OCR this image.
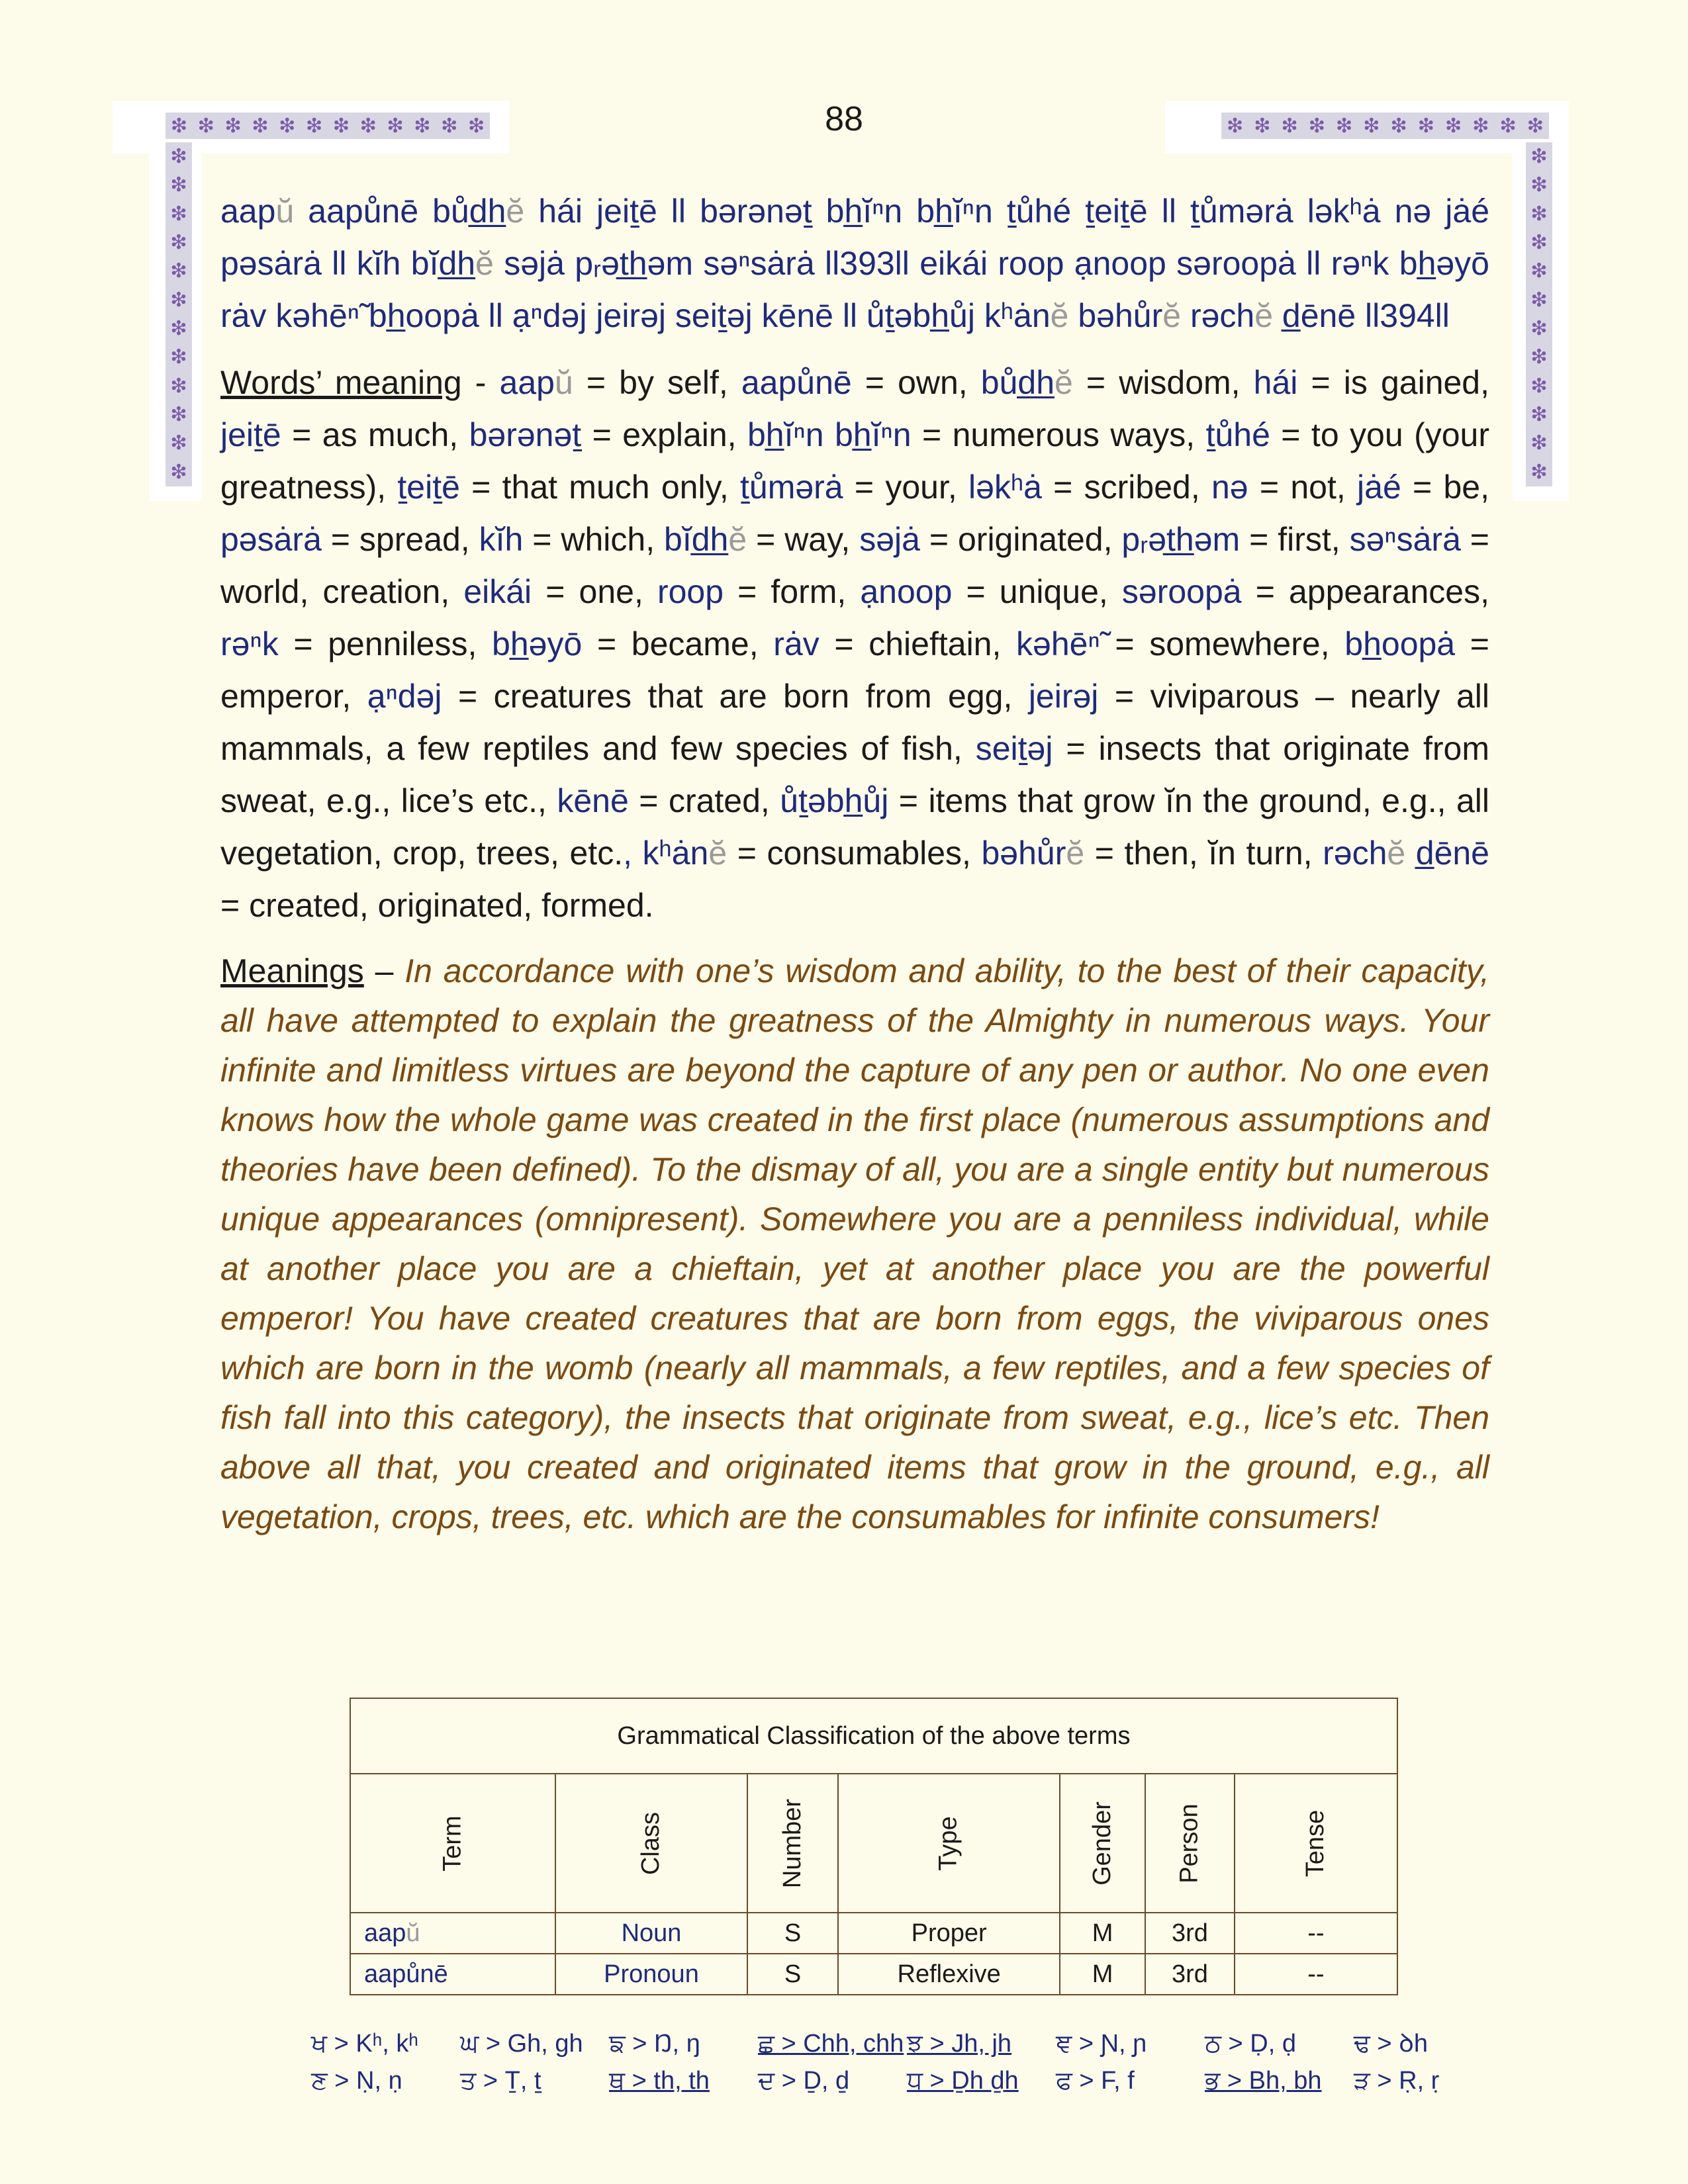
❇ ❇ ❇ ❇ ❇ ❇ ❇ ❇ ❇ ❇ ❇ ❇	❇ ❇ ❇ ❇ ❇ ❇ ❇ ❇ ❇ ❇ ❇ ❇
❇
❇
❇
❇
❇
❇
❇
❇
❇
❇
❇
❇
❇
❇
❇
❇
❇
❇
❇
❇
❇
❇
❇
❇
88

aapŭ aapůnē bůd̲h̲ĕ hái jeiṯē ll bərənəṯ bh̲ĭⁿn bh̲ĭⁿn ṯůhé ṯeiṯē ll ṯůmərȧ ləkʰȧ nə jȧé pəsȧrȧ ll kĭh bĭd̲h̲ĕ səjȧ pᵣət̲h̲əm səⁿsȧrȧ ll393ll eikái roop ạnoop səroopȧ ll rəⁿk bh̲əyō rȧv kəhēⁿ̃ bh̲oopȧ ll ạⁿdəj jeirəj seiṯəj kēnē ll ůṯəbh̲ůj kʰȧnĕ bəhůrĕ rəchĕ d̲ēnē ll394ll

Words’ meaning - aapŭ = by self, aapůnē = own, bůd̲h̲ĕ = wisdom, hái = is gained, jeiṯē = as much, bərənəṯ = explain, bh̲ĭⁿn bh̲ĭⁿn = numerous ways, ṯůhé = to you (your greatness), ṯeiṯē = that much only, ṯůmərȧ = your, ləkʰȧ = scribed, nə = not, jȧé = be, pəsȧrȧ = spread, kĭh = which, bĭd̲h̲ĕ = way, səjȧ = originated, pᵣət̲h̲əm = first, səⁿsȧrȧ = world, creation, eikái = one, roop = form, ạnoop = unique, səroopȧ = appearances, rəⁿk = penniless, bh̲əyō = became, rȧv = chieftain, kəhēⁿ̃ = somewhere, bh̲oopȧ = emperor, ạⁿdəj = creatures that are born from egg, jeirəj = viviparous – nearly all mammals, a few reptiles and few species of fish, seiṯəj = insects that originate from sweat, e.g., lice’s etc., kēnē = crated, ůṯəbh̲ůj = items that grow ĭn the ground, e.g., all vegetation, crop, trees, etc., kʰȧnĕ = consumables, bəhůrĕ = then, ĭn turn, rəchĕ d̲ēnē = created, originated, formed.

Meanings – In accordance with one’s wisdom and ability, to the best of their capacity, all have attempted to explain the greatness of the Almighty in numerous ways. Your infinite and limitless virtues are beyond the capture of any pen or author. No one even knows how the whole game was created in the first place (numerous assumptions and theories have been defined). To the dismay of all, you are a single entity but numerous unique appearances (omnipresent). Somewhere you are a penniless individual, while at another place you are a chieftain, yet at another place you are the powerful emperor! You have created creatures that are born from eggs, the viviparous ones which are born in the womb (nearly all mammals, a few reptiles, and a few species of fish fall into this category), the insects that originate from sweat, e.g., lice’s etc. Then above all that, you created and originated items that grow in the ground, e.g., all vegetation, crops, trees, etc. which are the consumables for infinite consumers!

Grammatical Classification of the above terms						
Term	Class	Number	Type	Gender	Person	Tense
aapŭ	Noun	S	Proper	M	3rd	--
aapůnē	Pronoun	S	Reflexive	M	3rd	--
ਖ > Kʰ, kʰ	ਘ > Gh, gh	ਙ > Ŋ, ŋ	ਛ > Chh, chh ਝ > Jh, jh	ਞ > Ɲ, ɲ	ਠ > Ḍ, ḍ	ਢ > ꝺh
ਣ > Ṇ, ṇ	ਤ > Ṯ, ṯ	ਥ > th, th	ਦ > Ḏ, ḏ	ਧ > Ḏh ḏh	ਫ > F, f	ਭ > Bh, bh	ੜ > Ṛ, ṛ
